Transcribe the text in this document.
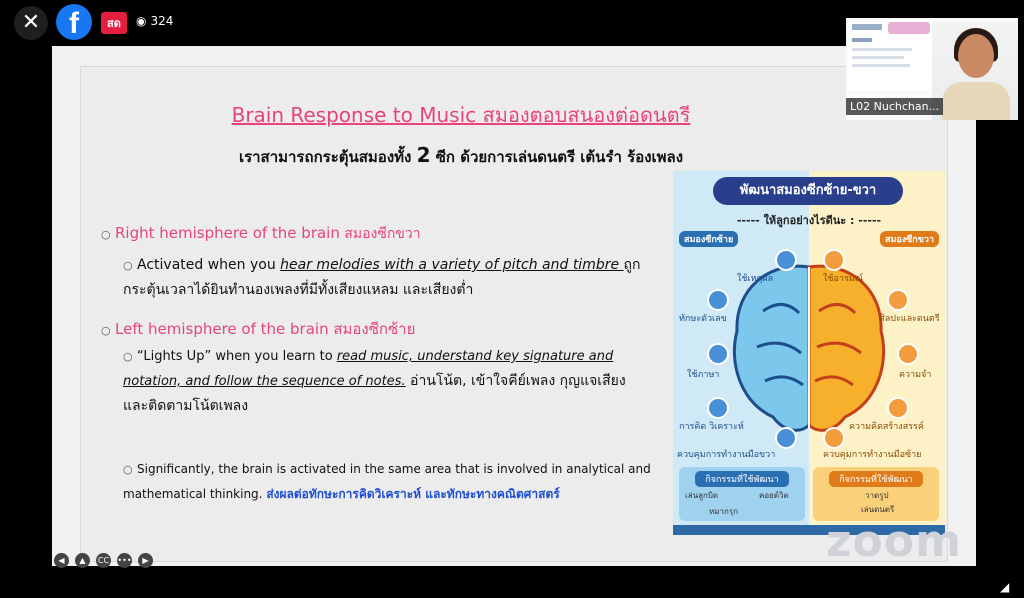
✕ f	สด	◉ 324
Brain Response to Music สมองตอบสนองต่อดนตรี
เราสามารถกระตุ้นสมองทั้ง 2 ซีก ด้วยการเล่นดนตรี เต้นรำ ร้องเพลง
○ Right hemisphere of the brain สมองซีกขวา
○ Activated when you hear melodies with a variety of pitch and timbre ถูกกระตุ้นเวลาได้ยินทำนองเพลงที่มีทั้งเสียงแหลม และเสียงต่ำ
○ Left hemisphere of the brain สมองซีกซ้าย
○ “Lights Up” when you learn to read music, understand key signature and notation, and follow the sequence of notes. อ่านโน้ต, เข้าใจคีย์เพลง กุญแจเสียง และติดตามโน้ตเพลง
○ Significantly, the brain is activated in the same area that is involved in analytical and mathematical thinking. ส่งผลต่อทักษะการคิดวิเคราะห์ และทักษะทางคณิตศาสตร์
พัฒนาสมองซีกซ้าย-ขวา
----- ให้ลูกอย่างไรดีนะ : -----
สมองซีกซ้าย	สมองซีกขวา
ใช้เหตุผล
ทักษะตัวเลข
ใช้ภาษา
การคิด วิเคราะห์
ควบคุมการทำงานมือขวา
ใช้อารมณ์
ศิลปะและดนตรี
ความจำ
ความคิดสร้างสรรค์
ควบคุมการทำงานมือซ้าย
กิจกรรมที่ใช้พัฒนา
เล่นลูกบิด	คอยต์วิต
หมากรุก
กิจกรรมที่ใช้พัฒนา
วาดรูป
เล่นดนตรี
◀ ▲ CC ••• ▶	zoom
L02 Nuchchan...
◢
